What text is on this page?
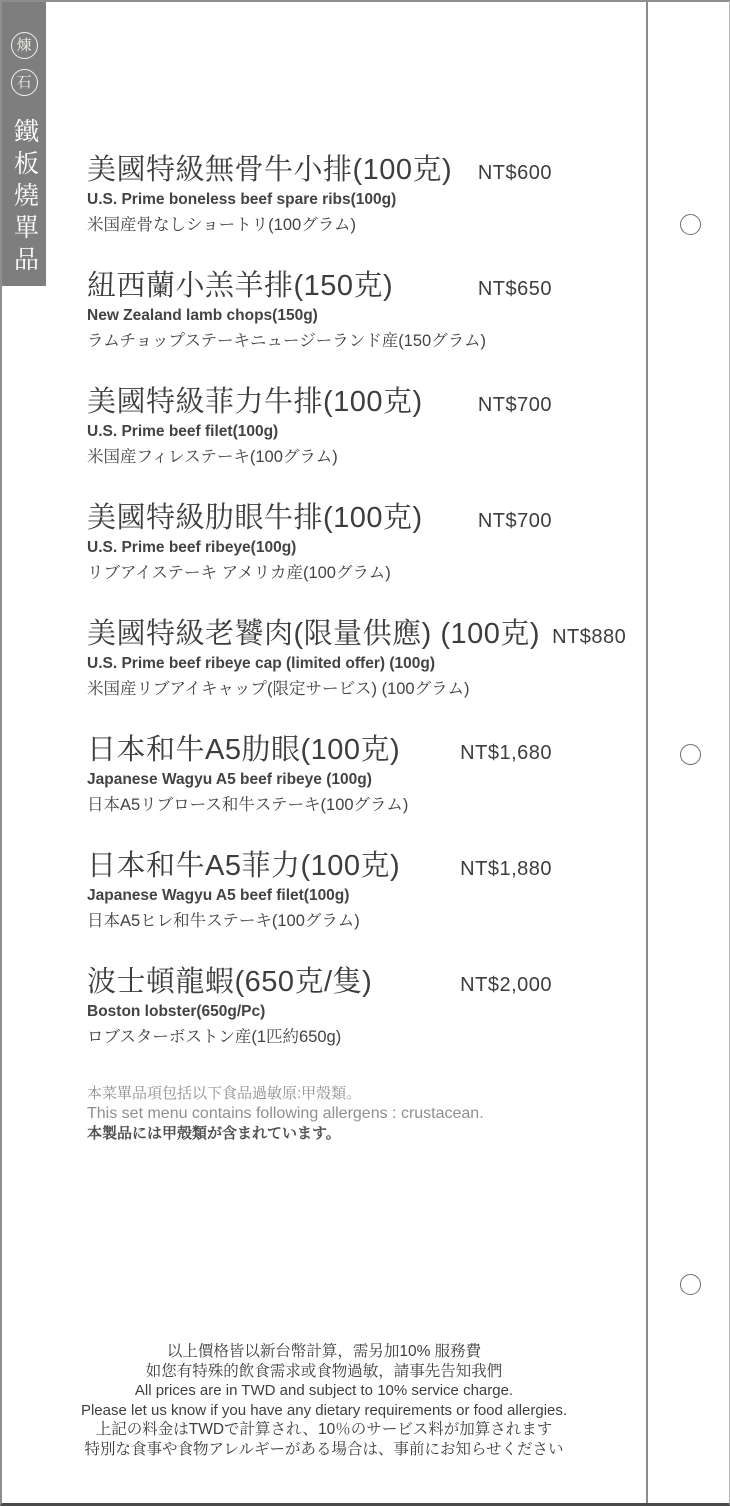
煉
石
鐵板燒單品 美國特級無骨牛小排(100克) NT$600
U.S. Prime boneless beef spare ribs(100g)
米国産骨なしショートリ(100グラム)
紐西蘭小羔羊排(150克)	NT$650
New Zealand lamb chops(150g)
ラムチョップステーキニュージーランド産(150グラム)
美國特級菲力牛排(100克)	NT$700
U.S. Prime beef filet(100g)
米国産フィレステーキ(100グラム)
美國特級肋眼牛排(100克)	NT$700
U.S. Prime beef ribeye(100g)
リブアイステーキ アメリカ産(100グラム)
美國特級老饕肉(限量供應) (100克) NT$880
U.S. Prime beef ribeye cap (limited offer) (100g)
米国産リブアイキャップ(限定サービス) (100グラム)
日本和牛A5肋眼(100克)	NT$1,680
Japanese Wagyu A5 beef ribeye (100g)
日本A5リブロース和牛ステーキ(100グラム)
日本和牛A5菲力(100克)	NT$1,880
Japanese Wagyu A5 beef filet(100g)
日本A5ヒレ和牛ステーキ(100グラム)
波士頓龍蝦(650克/隻)	NT$2,000
Boston lobster(650g/Pc)
ロブスターボストン産(1匹約650g)
本菜單品項包括以下食品過敏原:甲殼類。
This set menu contains following allergens : crustacean.
本製品には甲殻類が含まれています。
以上價格皆以新台幣計算，需另加10% 服務費
如您有特殊的飲食需求或食物過敏，請事先告知我們
All prices are in TWD and subject to 10% service charge.
Please let us know if you have any dietary requirements or food allergies.
上記の料金はTWDで計算され、10％のサービス料が加算されます
特別な食事や食物アレルギーがある場合は、事前にお知らせください
